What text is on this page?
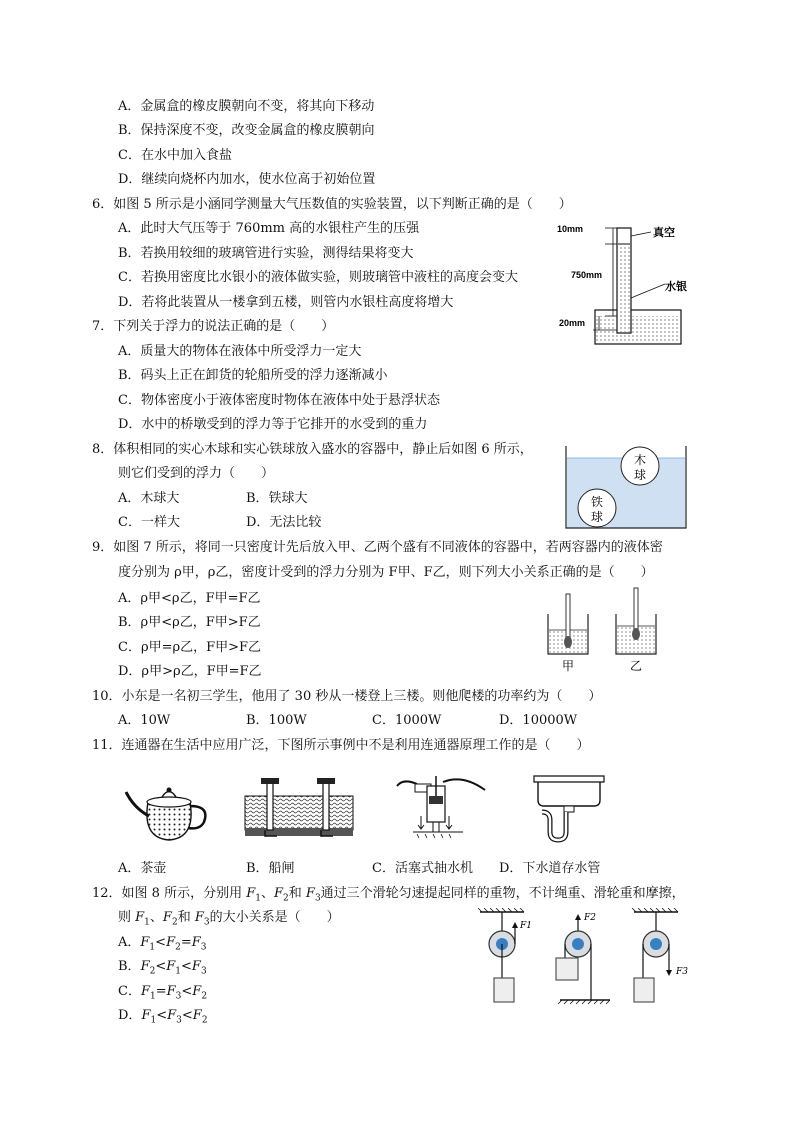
A．金属盒的橡皮膜朝向不变，将其向下移动
B．保持深度不变，改变金属盒的橡皮膜朝向
C．在水中加入食盐
D．继续向烧杯内加水，使水位高于初始位置
6．如图 5 所示是小涵同学测量大气压数值的实验装置，以下判断正确的是（　　）
A．此时大气压等于 760mm 高的水银柱产生的压强
B．若换用较细的玻璃管进行实验，测得结果将变大
C．若换用密度比水银小的液体做实验，则玻璃管中液柱的高度会变大
D．若将此装置从一楼拿到五楼，则管内水银柱高度将增大
10mm	真空
750mm
水银
20mm
7．下列关于浮力的说法正确的是（　　）
A．质量大的物体在液体中所受浮力一定大
B．码头上正在卸货的轮船所受的浮力逐渐减小
C．物体密度小于液体密度时物体在液体中处于悬浮状态
D．水中的桥墩受到的浮力等于它排开的水受到的重力
8．体积相同的实心木球和实心铁球放入盛水的容器中，静止后如图 6 所示，
则它们受到的浮力（　　）
A．木球大	B．铁球大
C．一样大	D．无法比较
木
球
铁
球
9．如图 7 所示，将同一只密度计先后放入甲、乙两个盛有不同液体的容器中，若两容器内的液体密
度分别为 ρ甲，ρ乙，密度计受到的浮力分别为 F甲、F乙，则下列大小关系正确的是（　　）
A．ρ甲<ρ乙，F甲=F乙
B．ρ甲<ρ乙，F甲>F乙
C．ρ甲=ρ乙，F甲>F乙
D．ρ甲>ρ乙，F甲=F乙	甲	乙
10．小东是一名初三学生，他用了 30 秒从一楼登上三楼。则他爬楼的功率约为（　　）
A．10W	B．100W	C．1000W	D．10000W
11．连通器在生活中应用广泛，下图所示事例中不是利用连通器原理工作的是（　　）
A．茶壶	B．船闸	C．活塞式抽水机 D．下水道存水管
12．如图 8 所示，分别用 $F_1$、$F_2$和 $F_3$通过三个滑轮匀速提起同样的重物，不计绳重、滑轮重和摩擦，
则 $F_1$、$F_2$和 $F_3$的大小关系是（　　）
A．$F_1<F_2=F_3$
B．$F_2<F_1<F_3$
C．$F_1=F_3<F_2$
D．$F_1<F_3<F_2$
F1
F2
F3
